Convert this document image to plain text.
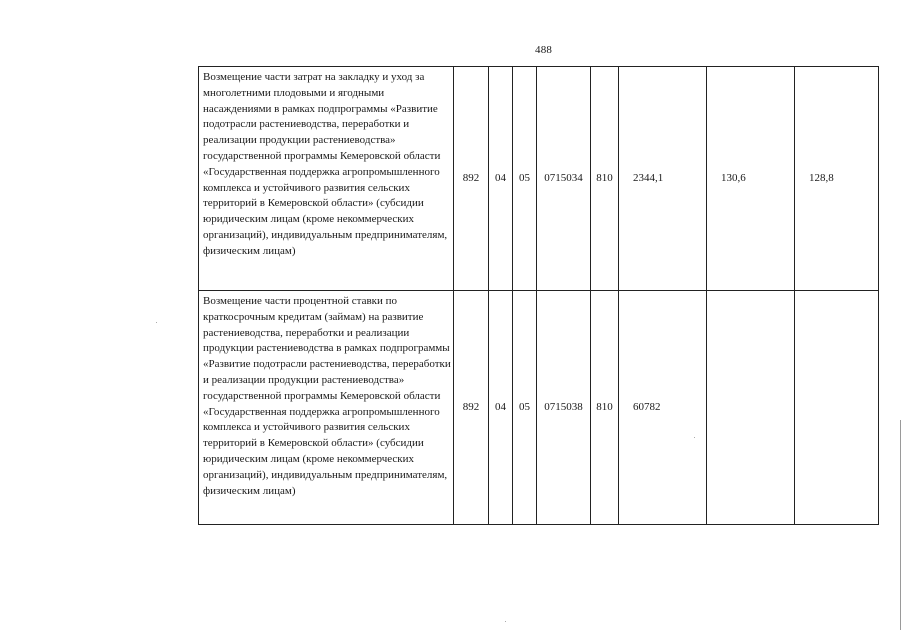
488
Возмещение части затрат на закладку и уход за многолетними плодовыми и ягодными насаждениями в рамках подпрограммы «Развитие подотрасли растениеводства, переработки и реализации продукции растениеводства» государственной программы Кемеровской области «Государственная поддержка агропромышленного комплекса и устойчивого развития сельских территорий в Кемеровской области» (субсидии юридическим лицам (кроме некоммерческих организаций), индивидуальным предпринимателям, физическим лицам)	892	04	05	0715034	810	2344,1	130,6	128,8
Возмещение части процентной ставки по краткосрочным кредитам (займам) на развитие растениеводства, переработки и реализации продукции растениеводства в рамках подпрограммы «Развитие подотрасли растениеводства, переработки и реализации продукции растениеводства» государственной программы Кемеровской области «Государственная поддержка агропромышленного комплекса и устойчивого развития сельских территорий в Кемеровской области» (субсидии юридическим лицам (кроме некоммерческих организаций), индивидуальным предпринимателям, физическим лицам)	892	04	05	0715038	810	60782		
